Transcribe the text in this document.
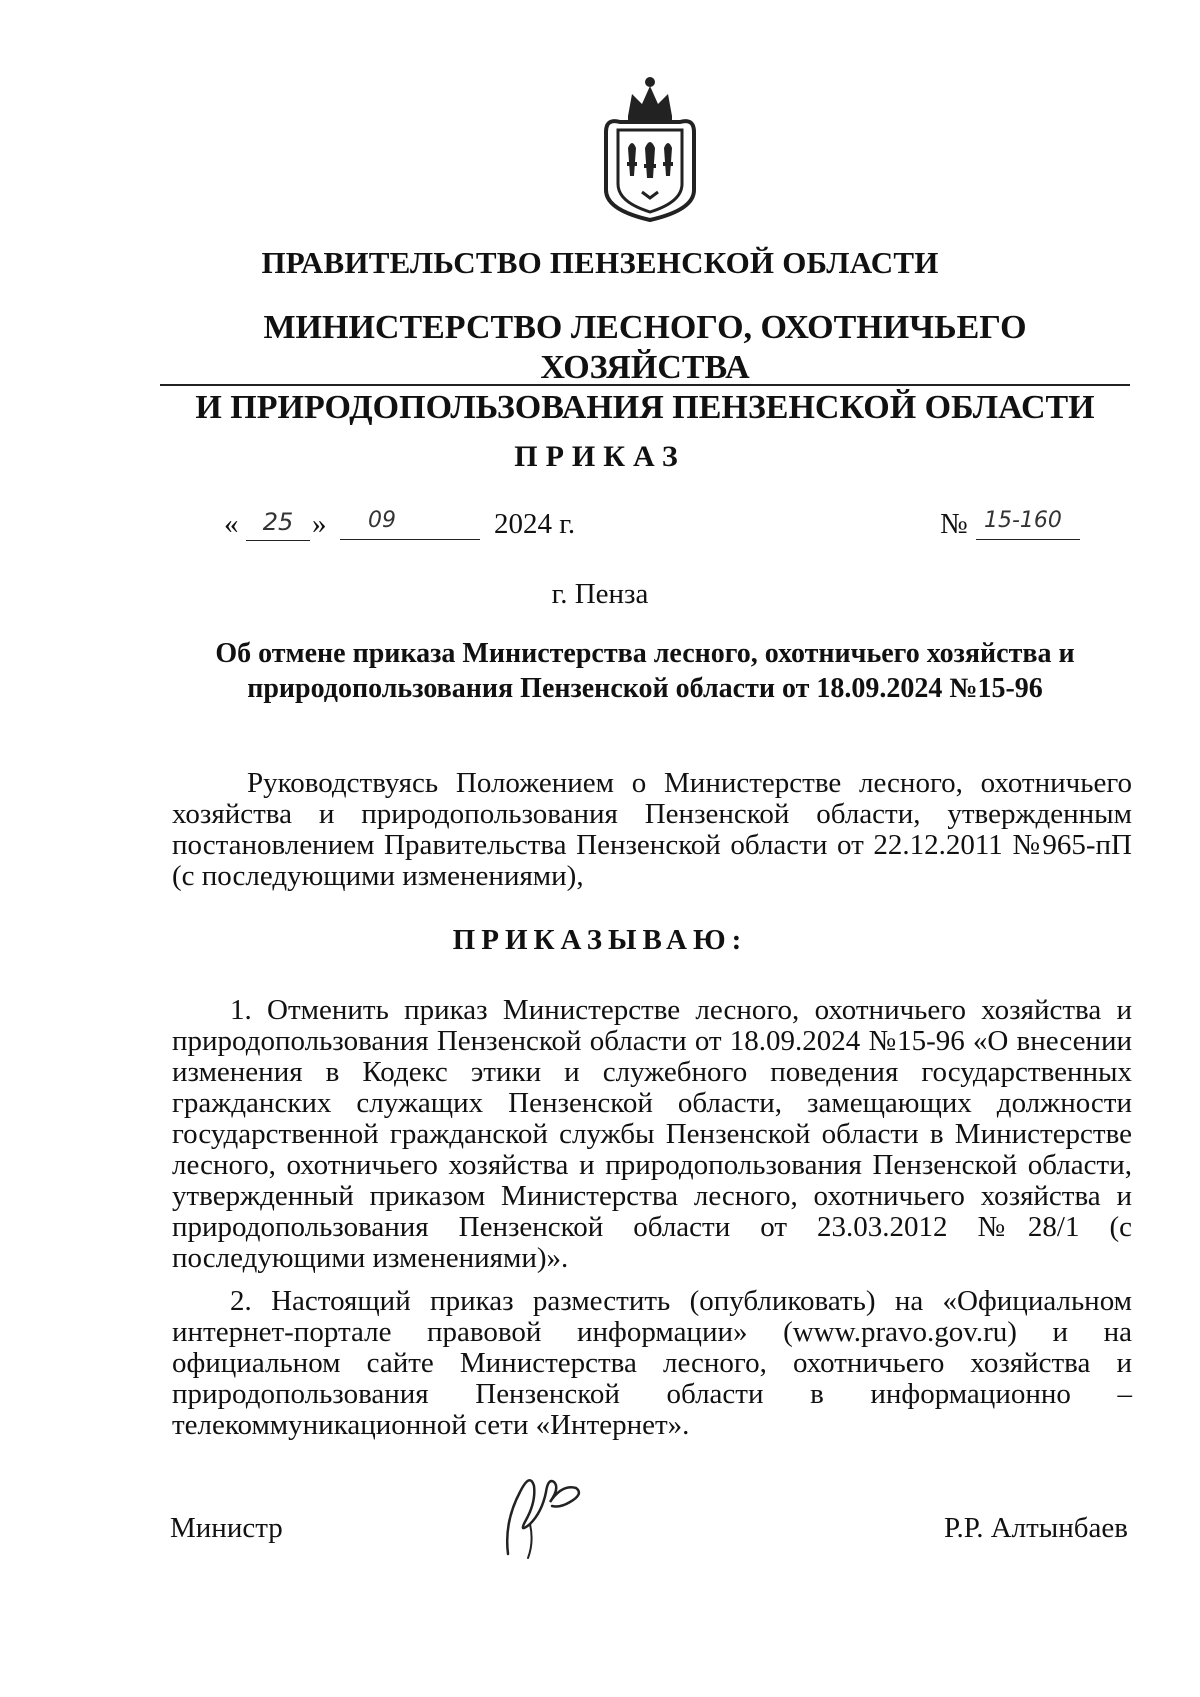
ПРАВИТЕЛЬСТВО ПЕНЗЕНСКОЙ ОБЛАСТИ
МИНИСТЕРСТВО ЛЕСНОГО, ОХОТНИЧЬЕГО ХОЗЯЙСТВА
И ПРИРОДОПОЛЬЗОВАНИЯ ПЕНЗЕНСКОЙ ОБЛАСТИ
ПРИКАЗ
«	25 »	09	2024 г.	№ 15-160
г. Пенза
Об отмене приказа Министерства лесного, охотничьего хозяйства и
природопользования Пензенской области от 18.09.2024 №15-96
Руководствуясь Положением о Министерстве лесного, охотничьего хозяйства и природопользования Пензенской области, утвержденным постановлением Правительства Пензенской области от 22.12.2011 №965-пП (с последующими изменениями),
ПРИКАЗЫВАЮ:
1. Отменить приказ Министерстве лесного, охотничьего хозяйства и природопользования Пензенской области от 18.09.2024 №15-96 «О внесении изменения в Кодекс этики и служебного поведения государственных гражданских служащих Пензенской области, замещающих должности государственной гражданской службы Пензенской области в Министерстве лесного, охотничьего хозяйства и природопользования Пензенской области, утвержденный приказом Министерства лесного, охотничьего хозяйства и природопользования Пензенской области от 23.03.2012 №28/1 (с последующими изменениями)».
2. Настоящий приказ разместить (опубликовать) на «Официальном интернет-портале правовой информации» (www.pravo.gov.ru) и на официальном сайте Министерства лесного, охотничьего хозяйства и природопользования Пензенской области в информационно – телекоммуникационной сети «Интернет».
Министр	Р.Р. Алтынбаев
